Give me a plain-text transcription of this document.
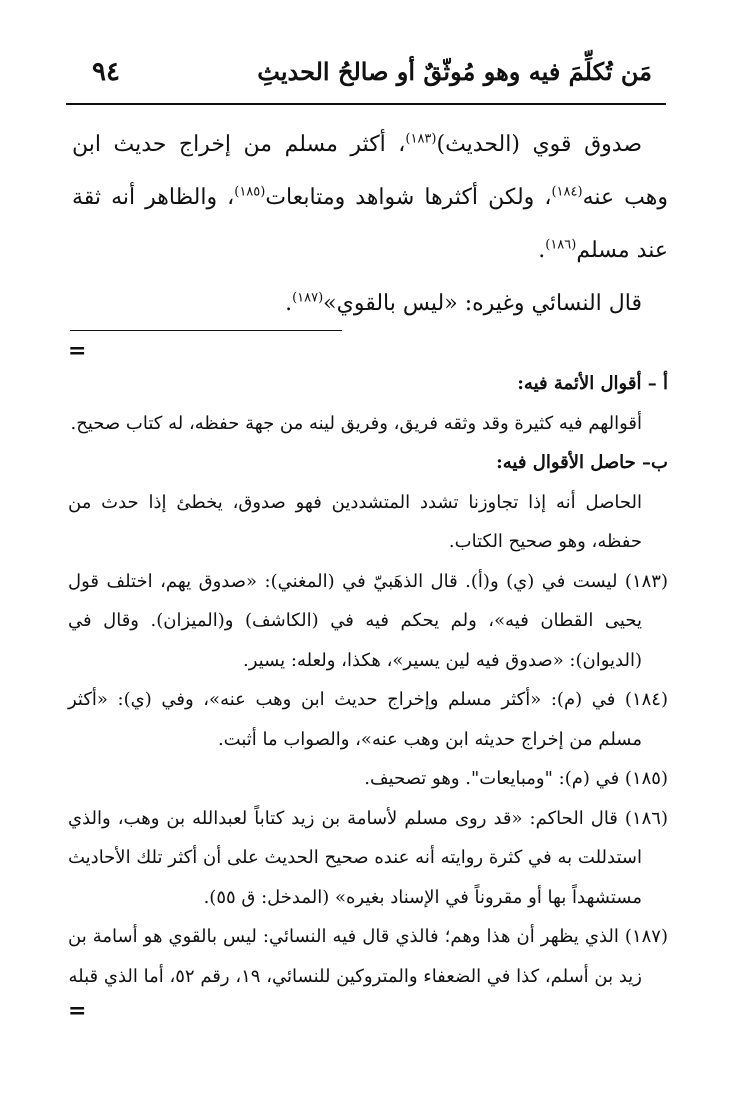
مَن تُكلِّمَ فيه وهو مُوثّقٌ أو صالحُ الحديثِ
٩٤

صدوق قوي (الحديث)$^{(١٨٣)}$، أكثر مسلم من إخراج حديث ابن وهب عنه$^{(١٨٤)}$، ولكن أكثرها شواهد ومتابعات$^{(١٨٥)}$، والظاهر أنه ثقة عند مسلم$^{(١٨٦)}$.

قال النسائي وغيره: «ليس بالقوي»$^{(١٨٧)}$.

=

أ – أقوال الأئمة فيه:

أقوالهم فيه كثيرة وقد وثقه فريق، وفريق لينه من جهة حفظه، له كتاب صحيح.

ب– حاصل الأقوال فيه:

الحاصل أنه إذا تجاوزنا تشدد المتشددين فهو صدوق، يخطئ إذا حدث من حفظه، وهو صحيح الكتاب.

(١٨٣) ليست في (ي) و(أ). قال الذهَبيّ في (المغني): «صدوق يهم، اختلف قول يحيى القطان فيه»، ولم يحكم فيه في (الكاشف) و(الميزان). وقال في (الديوان): «صدوق فيه لين يسير»، هكذا، ولعله: يسير.

(١٨٤) في (م): «أكثر مسلم وإخراج حديث ابن وهب عنه»، وفي (ي): «أكثر مسلم من إخراج حديثه ابن وهب عنه»، والصواب ما أثبت.

(١٨٥) في (م): "ومبايعات". وهو تصحيف.

(١٨٦) قال الحاكم: «قد روى مسلم لأسامة بن زيد كتاباً لعبدالله بن وهب، والذي استدللت به في كثرة روايته أنه عنده صحيح الحديث على أن أكثر تلك الأحاديث مستشهداً بها أو مقروناً في الإسناد بغيره» (المدخل: ق ٥٥).

(١٨٧) الذي يظهر أن هذا وهم؛ فالذي قال فيه النسائي: ليس بالقوي هو أسامة بن زيد بن أسلم، كذا في الضعفاء والمتروكين للنسائي، ١٩، رقم ٥٢، أما الذي قبله

=
